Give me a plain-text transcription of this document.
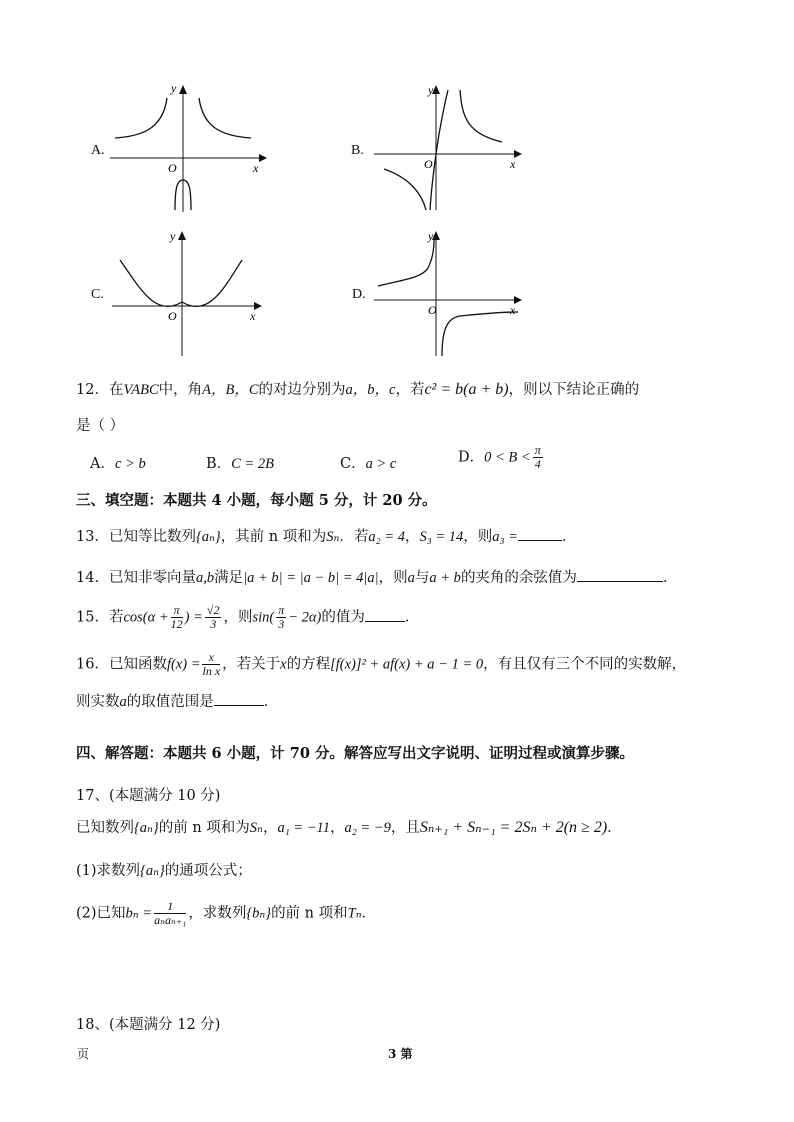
A.
y
x
O
B.
y
x
O
C.
y
x
O
D.
y
x
O
12．在VABC中，角A，B，C的对边分别为a，b，c，若c² = b(a + b)，则以下结论正确的
是（ ）
A．c > b	B．C = 2B	C．a > c	D．$0 < B < \frac{\pi}{4}$
三、填空题：本题共 4 小题，每小题 5 分，计 20 分。
13．已知等比数列{aₙ}，其前 n 项和为Sₙ．若a₂ = 4，S₃ = 14，则a₃ =	．
14．已知非零向量a,b满足|a + b| = |a − b| = 4|a|，则a与a + b的夹角的余弦值为	．
15．若$\cos(\alpha + \frac{\pi}{12}$ ) = $\frac{√2}{3}$ ，则$\sin( \frac{\pi}{3} - 2\alpha)$的值为	．
16．已知函数$f(x) = \frac{x}{\text{ln x}}$ ，若关于x的方程[f(x)]² + af(x) + a − 1 = 0，有且仅有三个不同的实数解，
则实数a的取值范围是	．
四、解答题：本题共 6 小题，计 70 分。解答应写出文字说明、证明过程或演算步骤。
17、(本题满分 10 分)
已知数列{aₙ}的前 n 项和为Sₙ，a₁ = −11，a₂ = −9，且Sₙ₊₁ + Sₙ₋₁ = 2Sₙ + 2(n ≥ 2)．
(1)求数列{aₙ}的通项公式；
(2)已知$b_n = \frac{1}{\text{aₙaₙ₊₁}}$ ，求数列{bₙ}的前 n 项和Tₙ．
18、(本题满分 12 分)
页	3 第
